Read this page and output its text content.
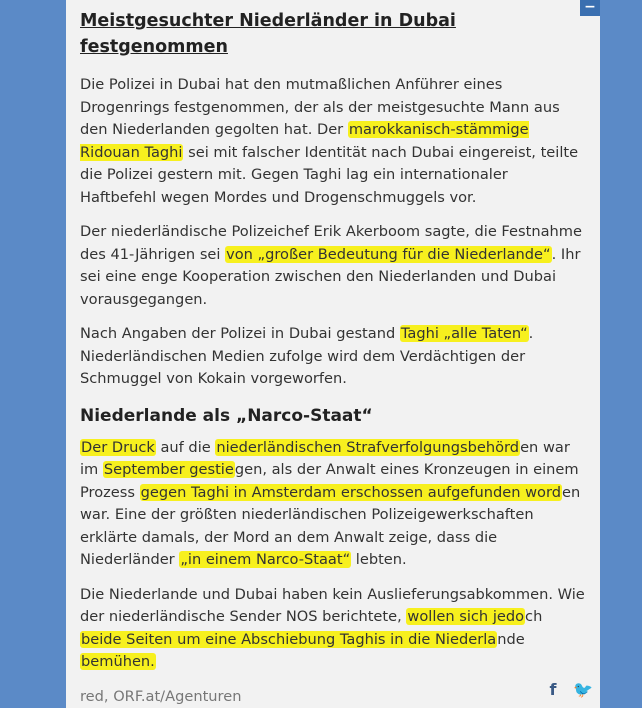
Meistgesuchter Niederländer in Dubai festgenommen

Die Polizei in Dubai hat den mutmaßlichen Anführer eines Drogenrings festgenommen, der als der meistgesuchte Mann aus den Niederlanden gegolten hat. Der marokkanisch-stämmige Ridouan Taghi sei mit falscher Identität nach Dubai eingereist, teilte die Polizei gestern mit. Gegen Taghi lag ein internationaler Haftbefehl wegen Mordes und Drogenschmuggels vor.

Der niederländische Polizeichef Erik Akerboom sagte, die Festnahme des 41-Jährigen sei von „großer Bedeutung für die Niederlande“. Ihr sei eine enge Kooperation zwischen den Niederlanden und Dubai vorausgegangen.

Nach Angaben der Polizei in Dubai gestand Taghi „alle Taten“. Niederländischen Medien zufolge wird dem Verdächtigen der Schmuggel von Kokain vorgeworfen.

Niederlande als „Narco-Staat“

Der Druck auf die niederländischen Strafverfolgungsbehörden war im September gestiegen, als der Anwalt eines Kronzeugen in einem Prozess gegen Taghi in Amsterdam erschossen aufgefunden worden war. Eine der größten niederländischen Polizeigewerkschaften erklärte damals, der Mord an dem Anwalt zeige, dass die Niederländer „in einem Narco-Staat“ lebten.

Die Niederlande und Dubai haben kein Auslieferungsabkommen. Wie der niederländische Sender NOS berichtete, wollen sich jedoch beide Seiten um eine Abschiebung Taghis in die Niederlande bemühen.

red, ORF.at/Agenturen	f	🐦
−
